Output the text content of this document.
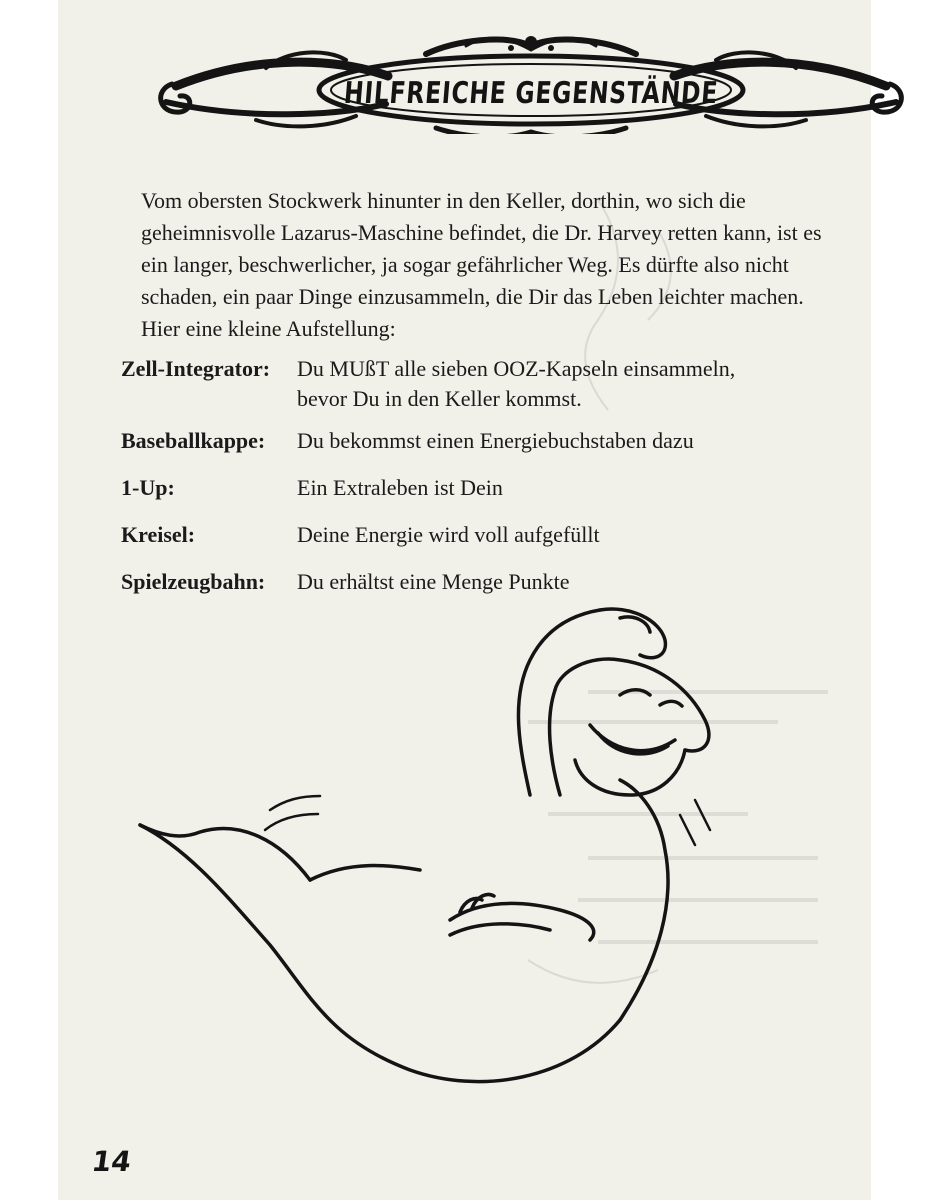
HILFREICHE GEGENSTÄNDE

Vom obersten Stockwerk hinunter in den Keller, dorthin, wo sich die geheimnisvolle Lazarus-Maschine befindet, die Dr. Harvey retten kann, ist es ein langer, beschwerlicher, ja sogar gefährlicher Weg. Es dürfte also nicht schaden, ein paar Dinge einzusammeln, die Dir das Leben leichter machen. Hier eine kleine Aufstellung:

Zell-Integrator:	Du MUßT alle sieben OOZ-Kapseln einsammeln,
bevor Du in den Keller kommst.
Baseballkappe:	Du bekommst einen Energiebuchstaben dazu
1-Up:	Ein Extraleben ist Dein
Kreisel:	Deine Energie wird voll aufgefüllt
Spielzeugbahn:	Du erhältst eine Menge Punkte
14
